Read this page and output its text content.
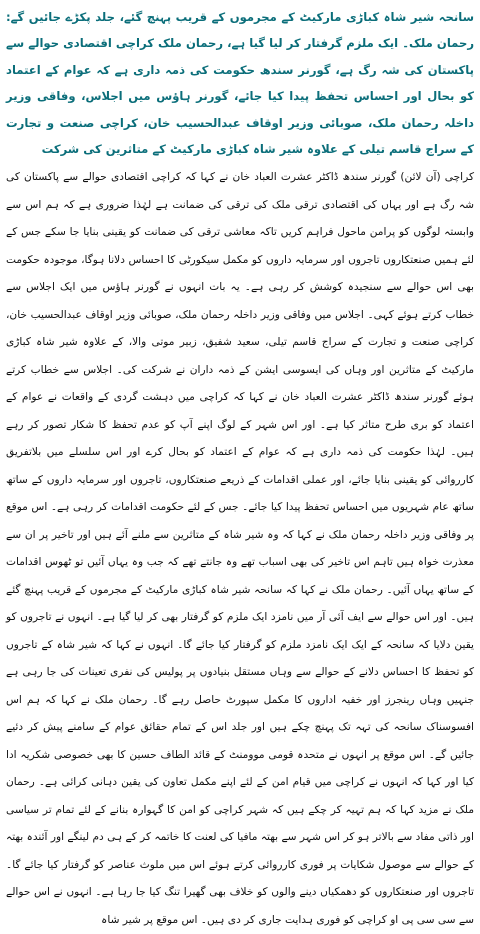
سانحہ شیر شاہ کباڑی مارکیٹ کے مجرموں کے قریب پہنچ گئے، جلد پکڑے جائیں گے: رحمان ملک۔ ایک ملزم گرفتار کر لیا گیا ہے، رحمان ملک کراچی اقتصادی حوالے سے پاکستان کی شہ رگ ہے، گورنر سندھ حکومت کی ذمہ داری ہے کہ عوام کے اعتماد کو بحال اور احساس تحفظ پیدا کیا جائے، گورنر ہاؤس میں اجلاس، وفاقی وزیر داخلہ رحمان ملک، صوبائی وزیر اوقاف عبدالحسیب خان، کراچی صنعت و تجارت کے سراج قاسم تیلی کے علاوہ شیر شاہ کباڑی مارکیٹ کے متاثرین کی شرکت

کراچی (آن لائن) گورنر سندھ ڈاکٹر عشرت العباد خان نے کہا کہ کراچی اقتصادی حوالے سے پاکستان کی شہ رگ ہے اور یہاں کی اقتصادی ترقی ملک کی ترقی کی ضمانت ہے لہٰذا ضروری ہے کہ ہم اس سے وابستہ لوگوں کو پرامن ماحول فراہم کریں تاکہ معاشی ترقی کی ضمانت کو یقینی بنایا جا سکے جس کے لئے ہمیں صنعتکاروں تاجروں اور سرمایہ داروں کو مکمل سیکورٹی کا احساس دلانا ہوگا، موجودہ حکومت بھی اس حوالے سے سنجیدہ کوشش کر رہی ہے۔ یہ بات انہوں نے گورنر ہاؤس میں ایک اجلاس سے خطاب کرتے ہوئے کہی۔ اجلاس میں وفاقی وزیر داخلہ رحمان ملک، صوبائی وزیر اوقاف عبدالحسیب خان، کراچی صنعت و تجارت کے سراج قاسم تیلی، سعید شفیق، زبیر موتی والا، کے علاوہ شیر شاہ کباڑی مارکیٹ کے متاثرین اور وہاں کی ایسوسی ایشن کے ذمہ داران نے شرکت کی۔ اجلاس سے خطاب کرتے ہوئے گورنر سندھ ڈاکٹر عشرت العباد خان نے کہا کہ کراچی میں دہشت گردی کے واقعات نے عوام کے اعتماد کو بری طرح متاثر کیا ہے۔ اور اس شہر کے لوگ اپنے آپ کو عدم تحفظ کا شکار تصور کر رہے ہیں۔ لہٰذا حکومت کی ذمہ داری ہے کہ عوام کے اعتماد کو بحال کرے اور اس سلسلے میں بلاتفریق کارروائی کو یقینی بنایا جائے، اور عملی اقدامات کے ذریعے صنعتکاروں، تاجروں اور سرمایہ داروں کے ساتھ ساتھ عام شہریوں میں احساس تحفظ پیدا کیا جائے۔ جس کے لئے حکومت اقدامات کر رہی ہے۔ اس موقع پر وفاقی وزیر داخلہ رحمان ملک نے کہا کہ وہ شیر شاہ کے متاثرین سے ملنے آئے ہیں اور تاخیر پر ان سے معذرت خواہ ہیں تاہم اس تاخیر کی بھی اسباب تھے وہ جانتے تھے کہ جب وہ یہاں آئیں تو ٹھوس اقدامات کے ساتھ یہاں آئیں۔ رحمان ملک نے کہا کہ سانحہ شیر شاہ کباڑی مارکیٹ کے مجرموں کے قریب پہنچ گئے ہیں۔ اور اس حوالے سے ایف آئی آر میں نامزد ایک ملزم کو گرفتار بھی کر لیا گیا ہے۔ انہوں نے تاجروں کو یقین دلایا کہ سانحہ کے ایک ایک نامزد ملزم کو گرفتار کیا جائے گا۔ انہوں نے کہا کہ شیر شاہ کے تاجروں کو تحفظ کا احساس دلانے کے حوالے سے وہاں مستقل بنیادوں پر پولیس کی نفری تعینات کی جا رہی ہے جنہیں وہاں رینجرز اور خفیہ اداروں کا مکمل سپورٹ حاصل رہے گا۔ رحمان ملک نے کہا کہ ہم اس افسوسناک سانحہ کی تہہ تک پہنچ چکے ہیں اور جلد اس کے تمام حقائق عوام کے سامنے پیش کر دئیے جائیں گے۔ اس موقع پر انہوں نے متحدہ قومی موومنٹ کے قائد الطاف حسین کا بھی خصوصی شکریہ ادا کیا اور کہا کہ انہوں نے کراچی میں قیام امن کے لئے اپنے مکمل تعاون کی یقین دہانی کرائی ہے۔ رحمان ملک نے مزید کہا کہ ہم تہیہ کر چکے ہیں کہ شہر کراچی کو امن کا گہوارہ بنانے کے لئے تمام تر سیاسی اور ذاتی مفاد سے بالاتر ہو کر اس شہر سے بھتہ مافیا کی لعنت کا خاتمہ کر کے ہی دم لینگے اور آئندہ بھتہ کے حوالے سے موصول شکایات پر فوری کارروائی کرتے ہوئے اس میں ملوث عناصر کو گرفتار کیا جائے گا۔ تاجروں اور صنعتکاروں کو دھمکیاں دینے والوں کو خلاف بھی گھیرا تنگ کیا جا رہا ہے۔ انہوں نے اس حوالے سے سی سی پی او کراچی کو فوری ہدایت جاری کر دی ہیں۔ اس موقع پر شیر شاہ
